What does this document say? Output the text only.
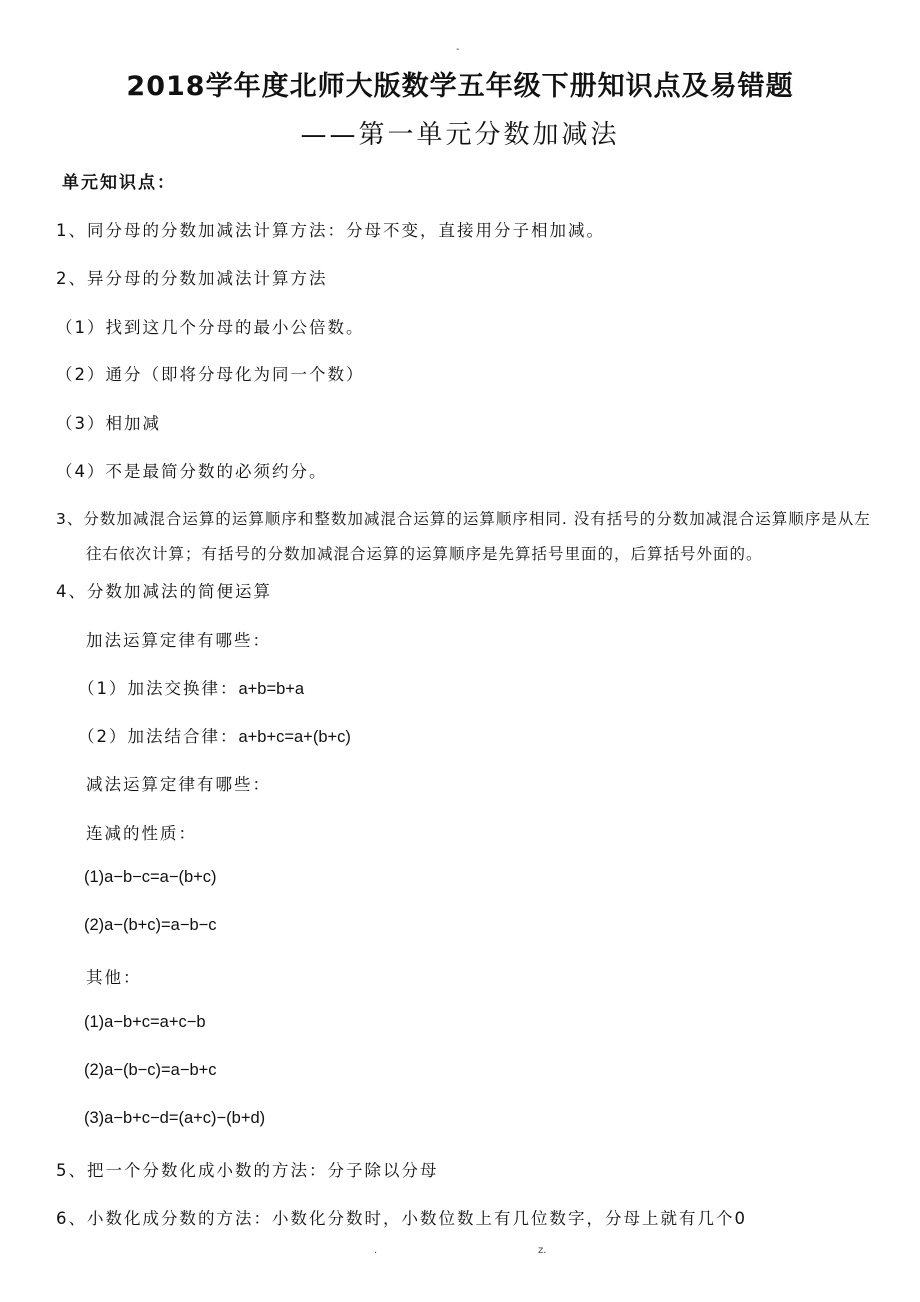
-
2018学年度北师大版数学五年级下册知识点及易错题
——第一单元分数加减法
单元知识点：
1、同分母的分数加减法计算方法：分母不变，直接用分子相加减。
2、异分母的分数加减法计算方法
（1）找到这几个分母的最小公倍数。
（2）通分（即将分母化为同一个数）
（3）相加减
（4）不是最简分数的必须约分。
3、分数加减混合运算的运算顺序和整数加减混合运算的运算顺序相同. 没有括号的分数加减混合运算顺序是从左
往右依次计算；有括号的分数加减混合运算的运算顺序是先算括号里面的，后算括号外面的。
4、分数加减法的简便运算
加法运算定律有哪些：
（1）加法交换律：a+b=b+a
（2）加法结合律：a+b+c=a+(b+c)
减法运算定律有哪些：
连减的性质：
(1)a−b−c=a−(b+c)
(2)a−(b+c)=a−b−c
其他：
(1)a−b+c=a+c−b
(2)a−(b−c)=a−b+c
(3)a−b+c−d=(a+c)−(b+d)
5、把一个分数化成小数的方法：分子除以分母
6、小数化成分数的方法：小数化分数时，小数位数上有几位数字，分母上就有几个0
.	z.
